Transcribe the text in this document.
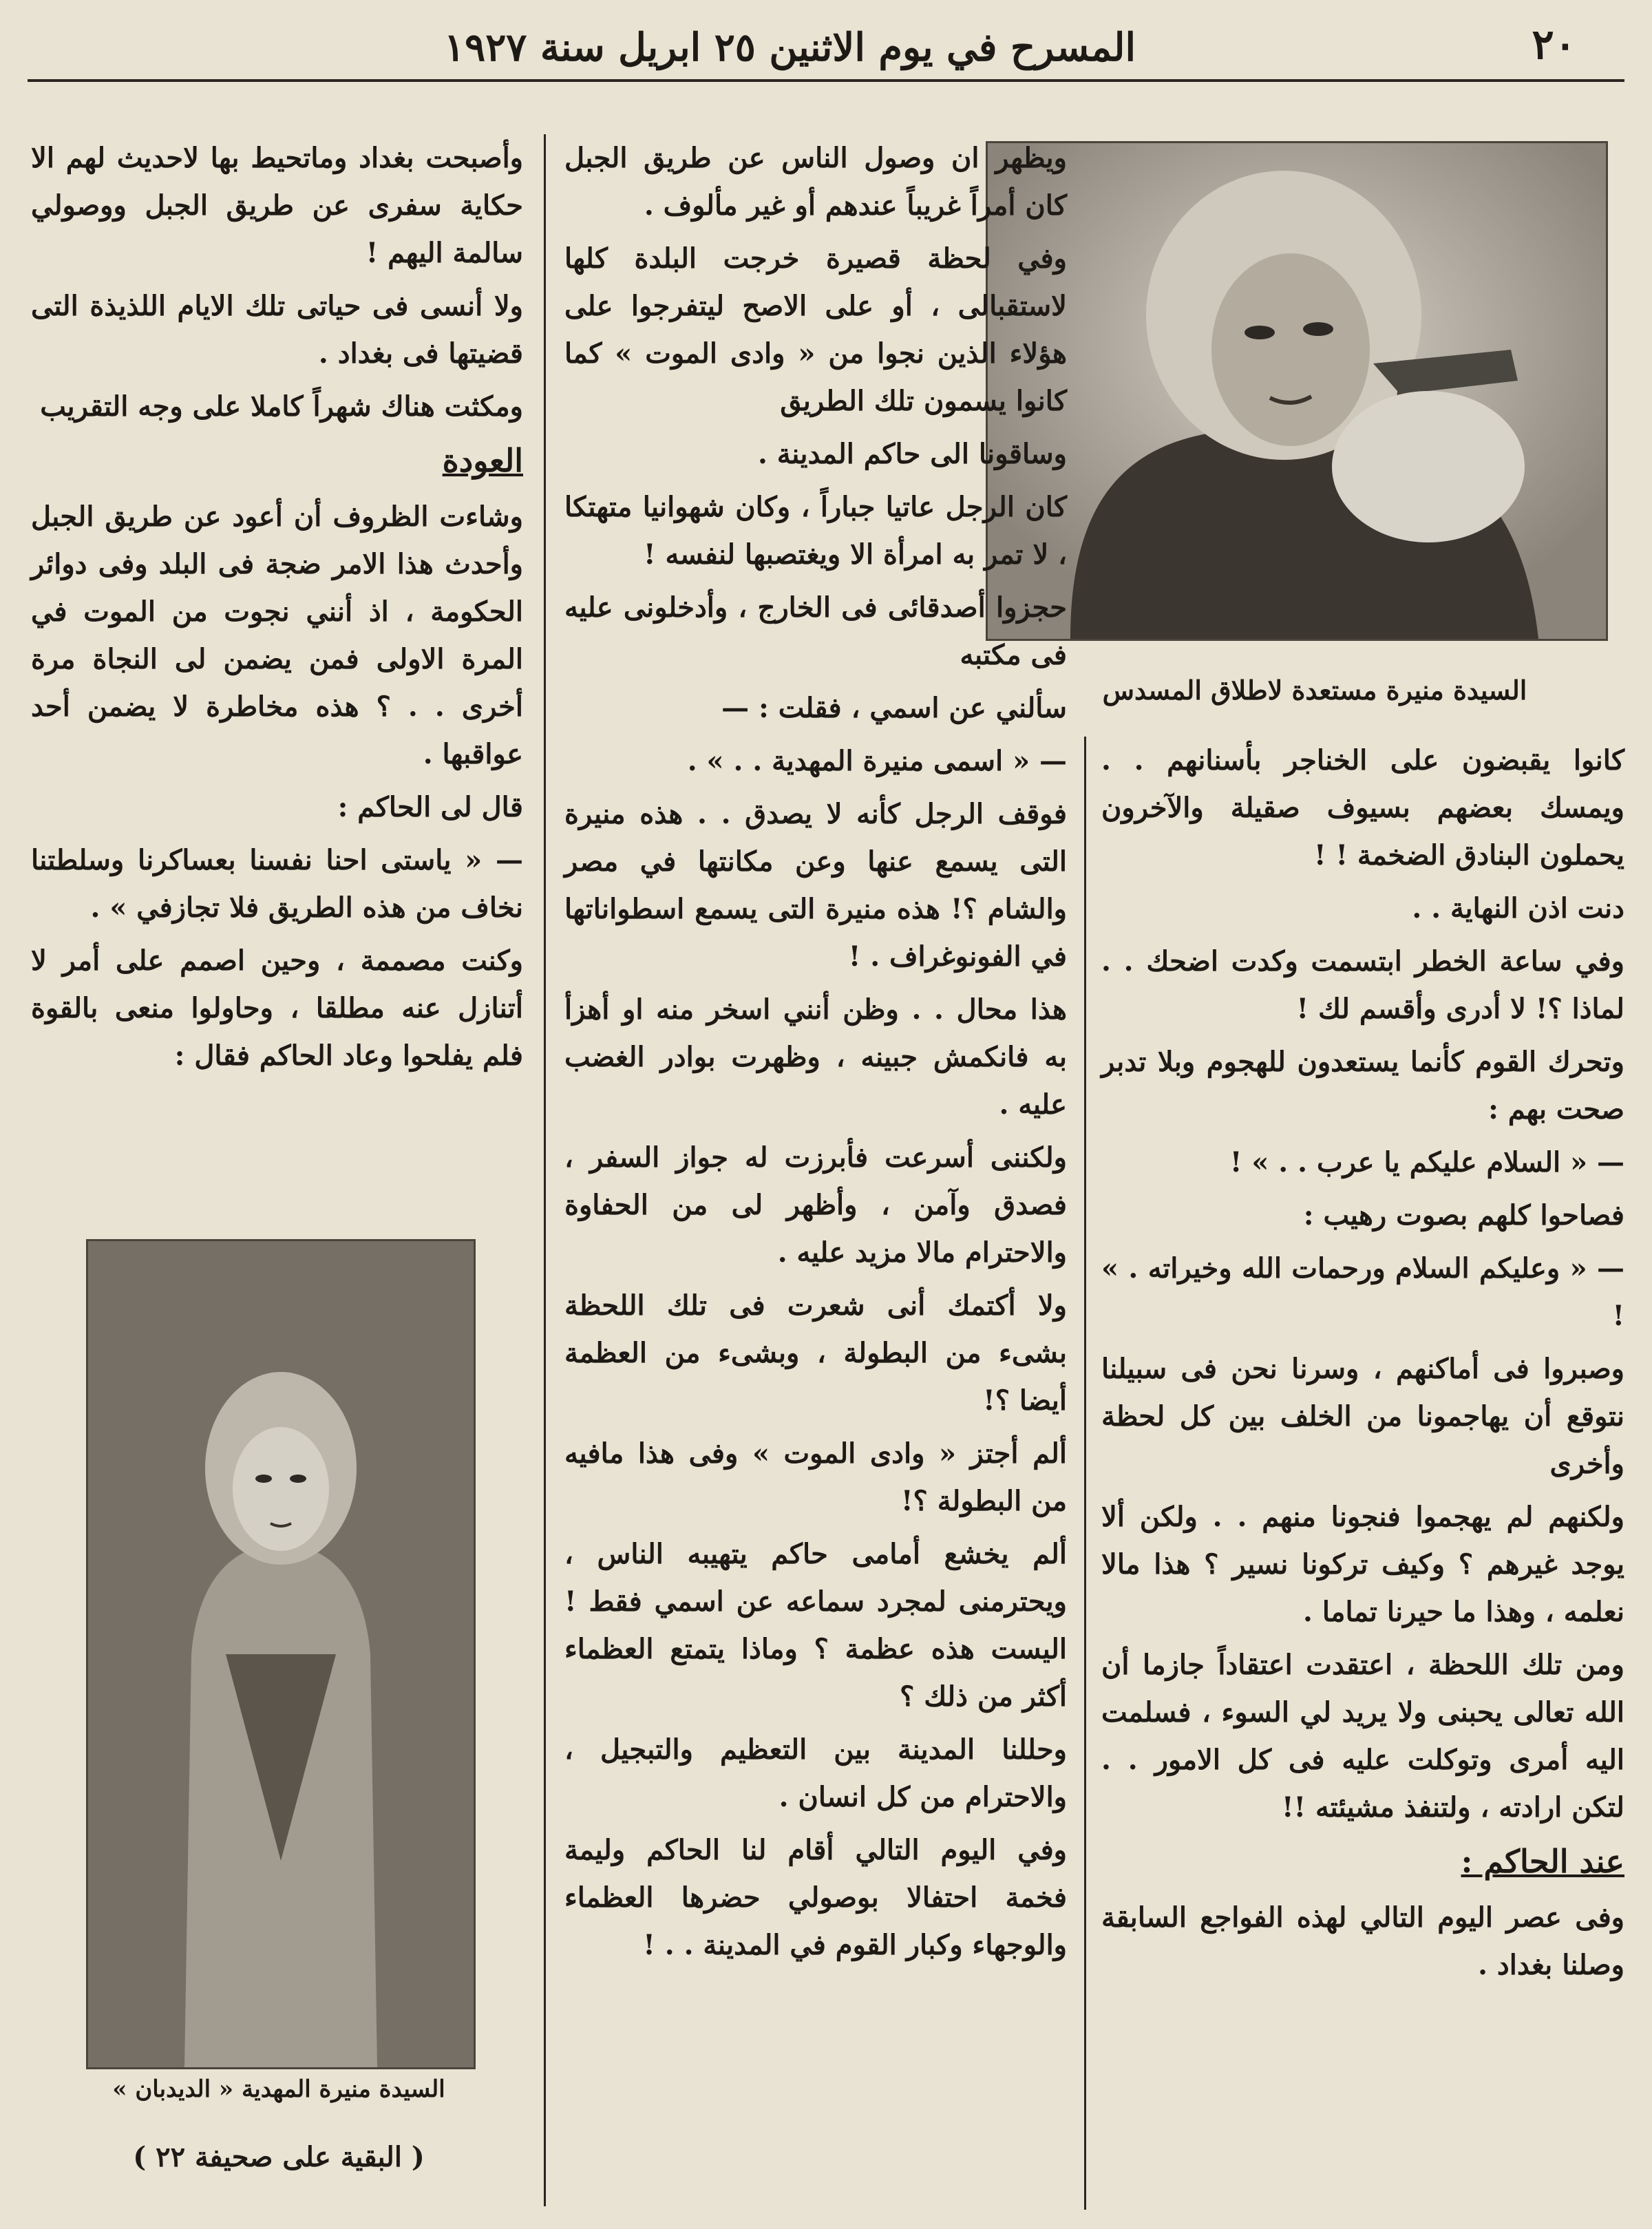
٢٠
المسرح في يوم الاثنين ٢٥ ابريل سنة ١٩٢٧
السيدة منيرة مستعدة لاطلاق المسدس

كانوا يقبضون على الخناجر بأسنانهم . . ويمسك بعضهم بسيوف صقيلة والآخرون يحملون البنادق الضخمة ! !

دنت اذن النهاية . .

وفي ساعة الخطر ابتسمت وكدت اضحك . . لماذا ؟! لا أدرى وأقسم لك !

وتحرك القوم كأنما يستعدون للهجوم وبلا تدبر صحت بهم :

— « السلام عليكم يا عرب . . » !

فصاحوا كلهم بصوت رهيب :

— « وعليكم السلام ورحمات الله وخيراته . » !

وصبروا فى أماكنهم ، وسرنا نحن فى سبيلنا نتوقع أن يهاجمونا من الخلف بين كل لحظة وأخرى

ولكنهم لم يهجموا فنجونا منهم . . ولكن ألا يوجد غيرهم ؟ وكيف تركونا نسير ؟ هذا مالا نعلمه ، وهذا ما حيرنا تماما .

ومن تلك اللحظة ، اعتقدت اعتقاداً جازما أن الله تعالى يحبنى ولا يريد لي السوء ، فسلمت اليه أمرى وتوكلت عليه فى كل الامور . . لتكن ارادته ، ولتنفذ مشيئته !!

عند الحاكم :

وفى عصر اليوم التالي لهذه الفواجع السابقة وصلنا بغداد .

ويظهر ان وصول الناس عن طريق الجبل كان أمراً غريباً عندهم أو غير مألوف .

وفي لحظة قصيرة خرجت البلدة كلها لاستقبالى ، أو على الاصح ليتفرجوا على هؤلاء الذين نجوا من « وادى الموت » كما كانوا يسمون تلك الطريق

وساقونا الى حاكم المدينة .

كان الرجل عاتيا جباراً ، وكان شهوانيا متهتكا ، لا تمر به امرأة الا ويغتصبها لنفسه !

حجزوا أصدقائى فى الخارج ، وأدخلونى عليه فى مكتبه

سألني عن اسمي ، فقلت : —

— « اسمى منيرة المهدية . . » .

فوقف الرجل كأنه لا يصدق . . هذه منيرة التى يسمع عنها وعن مكانتها في مصر والشام ؟! هذه منيرة التى يسمع اسطواناتها في الفونوغراف . !

هذا محال . . وظن أنني اسخر منه او أهزأ به فانكمش جبينه ، وظهرت بوادر الغضب عليه .

ولكننى أسرعت فأبرزت له جواز السفر ، فصدق وآمن ، وأظهر لى من الحفاوة والاحترام مالا مزيد عليه .

ولا أكتمك أنى شعرت فى تلك اللحظة بشىء من البطولة ، وبشىء من العظمة أيضا ؟!

ألم أجتز « وادى الموت » وفى هذا مافيه من البطولة ؟!

ألم يخشع أمامى حاكم يتهيبه الناس ، ويحترمنى لمجرد سماعه عن اسمي فقط ! اليست هذه عظمة ؟ وماذا يتمتع العظماء أكثر من ذلك ؟

وحللنا المدينة بين التعظيم والتبجيل ، والاحترام من كل انسان .

وفي اليوم التالي أقام لنا الحاكم وليمة فخمة احتفالا بوصولي حضرها العظماء والوجهاء وكبار القوم في المدينة . . !

وأصبحت بغداد وماتحيط بها لاحديث لهم الا حكاية سفرى عن طريق الجبل ووصولي سالمة اليهم !

ولا أنسى فى حياتى تلك الايام اللذيذة التى قضيتها فى بغداد .

ومكثت هناك شهراً كاملا على وجه التقريب

العودة

وشاءت الظروف أن أعود عن طريق الجبل وأحدث هذا الامر ضجة فى البلد وفى دوائر الحكومة ، اذ أنني نجوت من الموت في المرة الاولى فمن يضمن لى النجاة مرة أخرى . . ؟ هذه مخاطرة لا يضمن أحد عواقبها .

قال لى الحاكم :

— « ياستى احنا نفسنا بعساكرنا وسلطتنا نخاف من هذه الطريق فلا تجازفي » .

وكنت مصممة ، وحين اصمم على أمر لا أتنازل عنه مطلقا ، وحاولوا منعى بالقوة فلم يفلحوا وعاد الحاكم فقال :

السيدة منيرة المهدية « الديدبان »
( البقية على صحيفة ٢٢ )
